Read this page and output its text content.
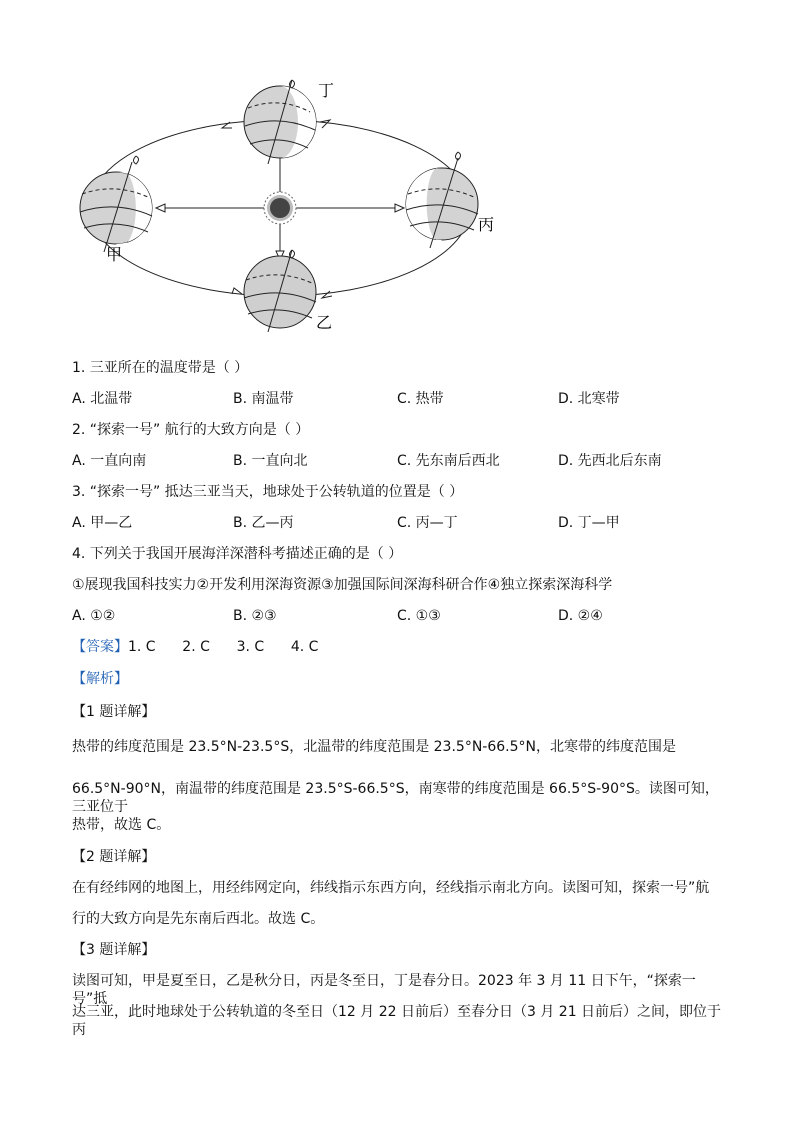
丁
甲
丙
乙
1. 三亚所在的温度带是（ ）
A. 北温带	B. 南温带	C. 热带	D. 北寒带
2. “探索一号” 航行的大致方向是（ ）
A. 一直向南	B. 一直向北	C. 先东南后西北	D. 先西北后东南
3. “探索一号” 抵达三亚当天，地球处于公转轨道的位置是（ ）
A. 甲—乙	B. 乙—丙	C. 丙—丁	D. 丁—甲
4. 下列关于我国开展海洋深潜科考描述正确的是（ ）
①展现我国科技实力②开发利用深海资源③加强国际间深海科研合作④独立探索深海科学
A. ①②	B. ②③	C. ①③	D. ②④
【答案】1. C      2. C      3. C      4. C
【解析】
【1 题详解】
热带的纬度范围是 23.5°N-23.5°S，北温带的纬度范围是 23.5°N-66.5°N，北寒带的纬度范围是
66.5°N-90°N，南温带的纬度范围是 23.5°S-66.5°S，南寒带的纬度范围是 66.5°S-90°S。读图可知，三亚位于
热带，故选 C。
【2 题详解】
在有经纬网的地图上，用经纬网定向，纬线指示东西方向，经线指示南北方向。读图可知，探索一号”航
行的大致方向是先东南后西北。故选 C。
【3 题详解】
读图可知，甲是夏至日，乙是秋分日，丙是冬至日，丁是春分日。2023 年 3 月 11 日下午，“探索一号”抵
达三亚，此时地球处于公转轨道的冬至日（12 月 22 日前后）至春分日（3 月 21 日前后）之间，即位于丙
